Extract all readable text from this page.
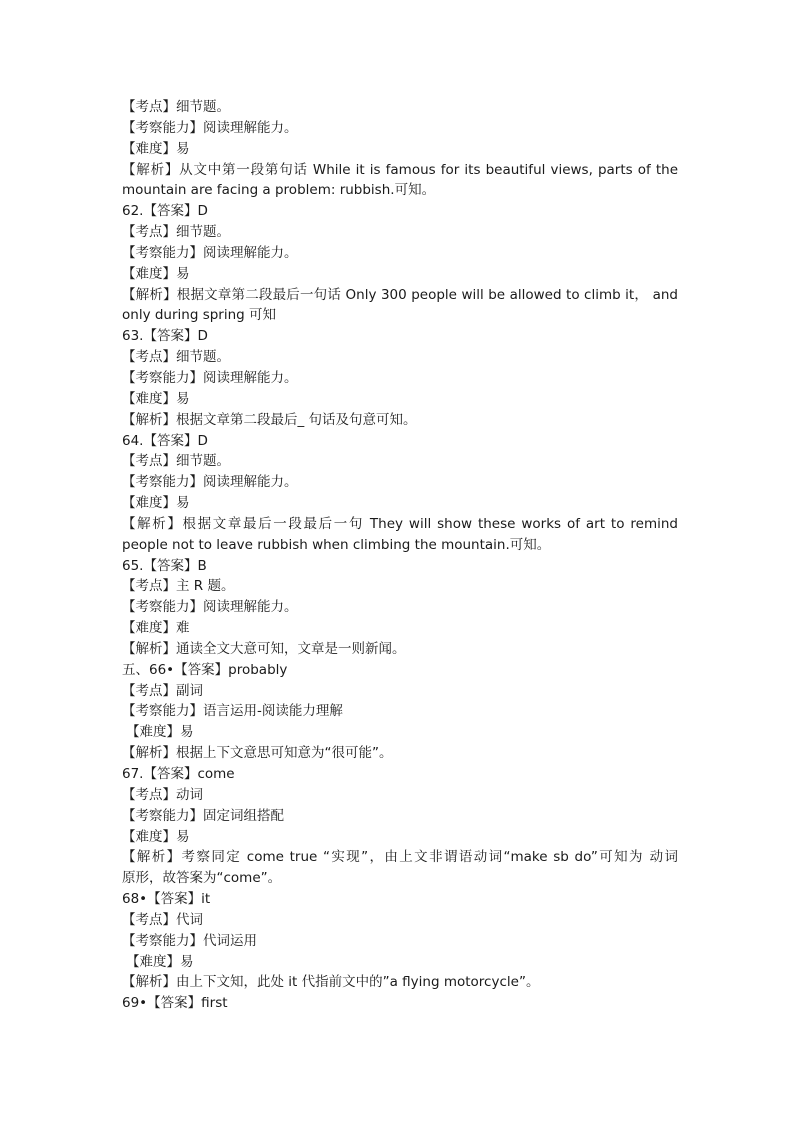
【考点】细节题。
【考察能力】阅读理解能力。
【难度】易
【解析】从文中第一段第句话 While it is famous for its beautiful views, parts of the
mountain are facing a problem: rubbish.可知。
62.【答案】D
【考点】细节题。
【考察能力】阅读理解能力。
【难度】易
【解析】根据文章第二段最后一句话 Only 300 people will be allowed to climb it， and
only during spring 可知
63.【答案】D
【考点】细节题。
【考察能力】阅读理解能力。
【难度】易
【解析】根据文章第二段最后_ 句话及句意可知。
64.【答案】D
【考点】细节题。
【考察能力】阅读理解能力。
【难度】易
【解析】根据文章最后一段最后一句 They will show these works of art to remind
people not to leave rubbish when climbing the mountain.可知。
65.【答案】B
【考点】主 R 题。
【考察能力】阅读理解能力。
【难度】难
【解析】通读全文大意可知，文章是一则新闻。
五、66•【答案】probably
【考点】副词
【考察能力】语言运用-阅读能力理解
【难度】易
【解析】根据上下文意思可知意为“很可能”。
67.【答案】come
【考点】动词
【考察能力】固定词组搭配
【难度】易
【解析】考察同定 come true “实现”，由上文非谓语动词“make sb do”可知为 动词
原形，故答案为“come”。
68•【答案】it
【考点】代词
【考察能力】代词运用
【难度】易
【解析】由上下文知，此处 it 代指前文中的”a flying motorcycle”。
69•【答案】first
